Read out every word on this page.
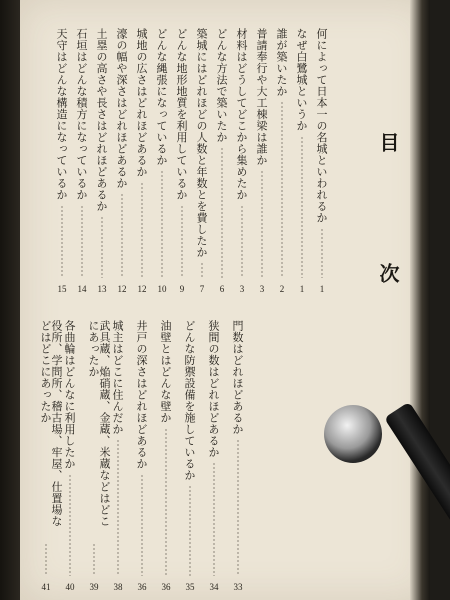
目 次
何によって日本一の名城といわれるか
1
なぜ白鷺城というか
1
誰が築いたか
2
普請奉行や大工棟梁は誰か
3
材料はどうしてどこから集めたか
3
どんな方法で築いたか
6
築城にはどれほどの人数と年数とを費したか
7
どんな地形地質を利用しているか
9
どんな縄張になっているか
10
城地の広さはどれほどあるか
12
濠の幅や深さはどれほどあるか
12
土塁の高さや長さはどれほどあるか
13
石垣はどんな積方になっているか
14
天守はどんな構造になっているか
15
門数はどれほどあるか
33
狭間の数はどれほどあるか
34
どんな防禦設備を施しているか
35
油壁とはどんな壁か
36
井戸の深さはどれほどあるか
36
城主はどこに住んだか
38
武具蔵、焔硝蔵、金蔵、米蔵などはどこにあったか
39
各曲輪はどんなに利用したか
40
役所、学問所、稽古場、牢屋、仕置場などはどこにあったか
41
